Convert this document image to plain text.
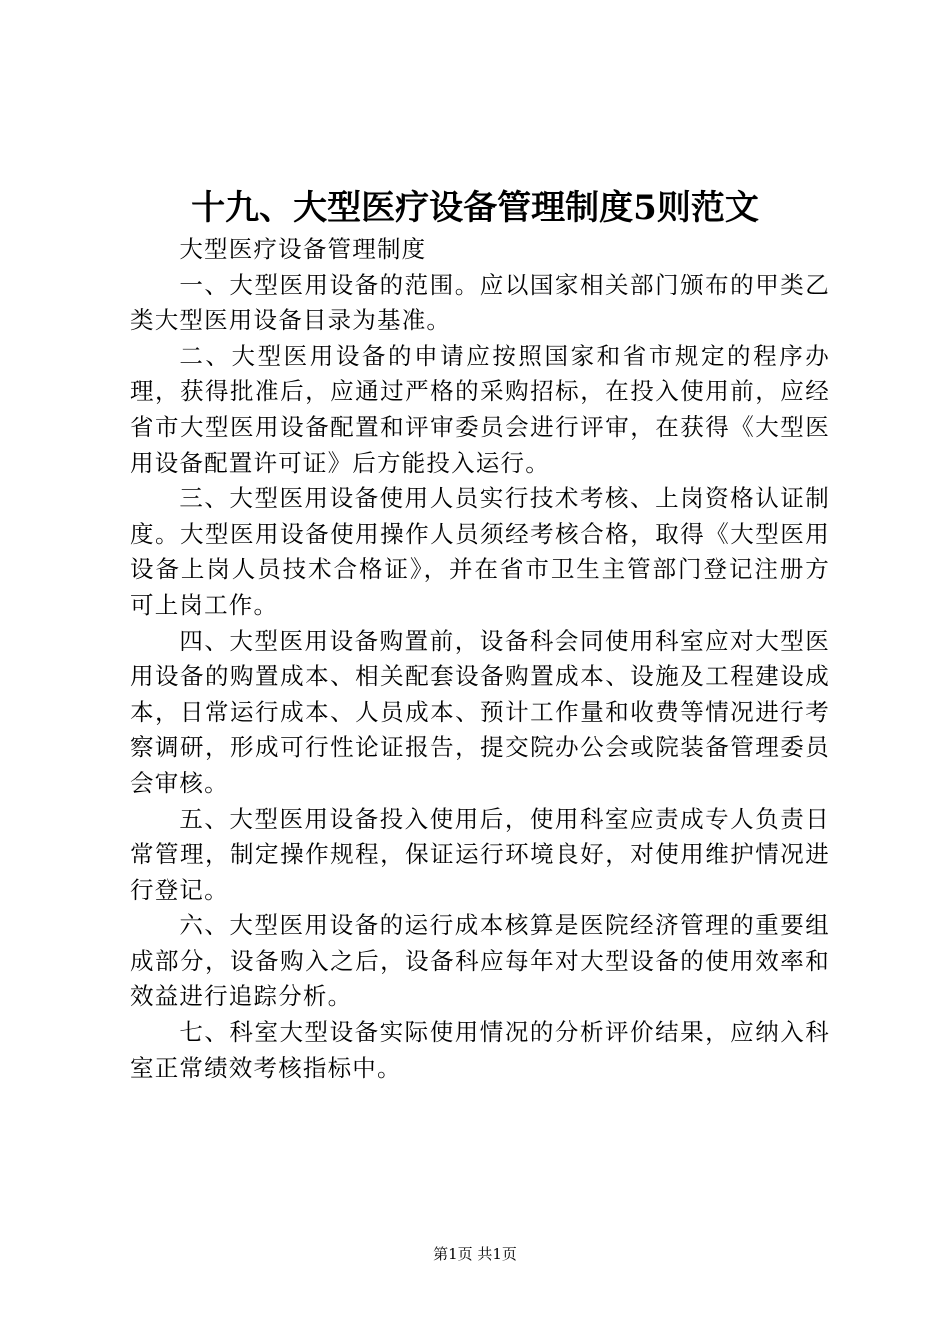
十九、大型医疗设备管理制度5则范文

大型医疗设备管理制度

一、大型医用设备的范围。应以国家相关部门颁布的甲类乙类大型医用设备目录为基准。

二、大型医用设备的申请应按照国家和省市规定的程序办理，获得批准后，应通过严格的采购招标，在投入使用前，应经省市大型医用设备配置和评审委员会进行评审，在获得《大型医用设备配置许可证》后方能投入运行。

三、大型医用设备使用人员实行技术考核、上岗资格认证制度。大型医用设备使用操作人员须经考核合格，取得《大型医用设备上岗人员技术合格证》，并在省市卫生主管部门登记注册方可上岗工作。

四、大型医用设备购置前，设备科会同使用科室应对大型医用设备的购置成本、相关配套设备购置成本、设施及工程建设成本，日常运行成本、人员成本、预计工作量和收费等情况进行考察调研，形成可行性论证报告，提交院办公会或院装备管理委员会审核。

五、大型医用设备投入使用后，使用科室应责成专人负责日常管理，制定操作规程，保证运行环境良好，对使用维护情况进行登记。

六、大型医用设备的运行成本核算是医院经济管理的重要组成部分，设备购入之后，设备科应每年对大型设备的使用效率和效益进行追踪分析。

七、科室大型设备实际使用情况的分析评价结果，应纳入科室正常绩效考核指标中。

第1页 共1页
